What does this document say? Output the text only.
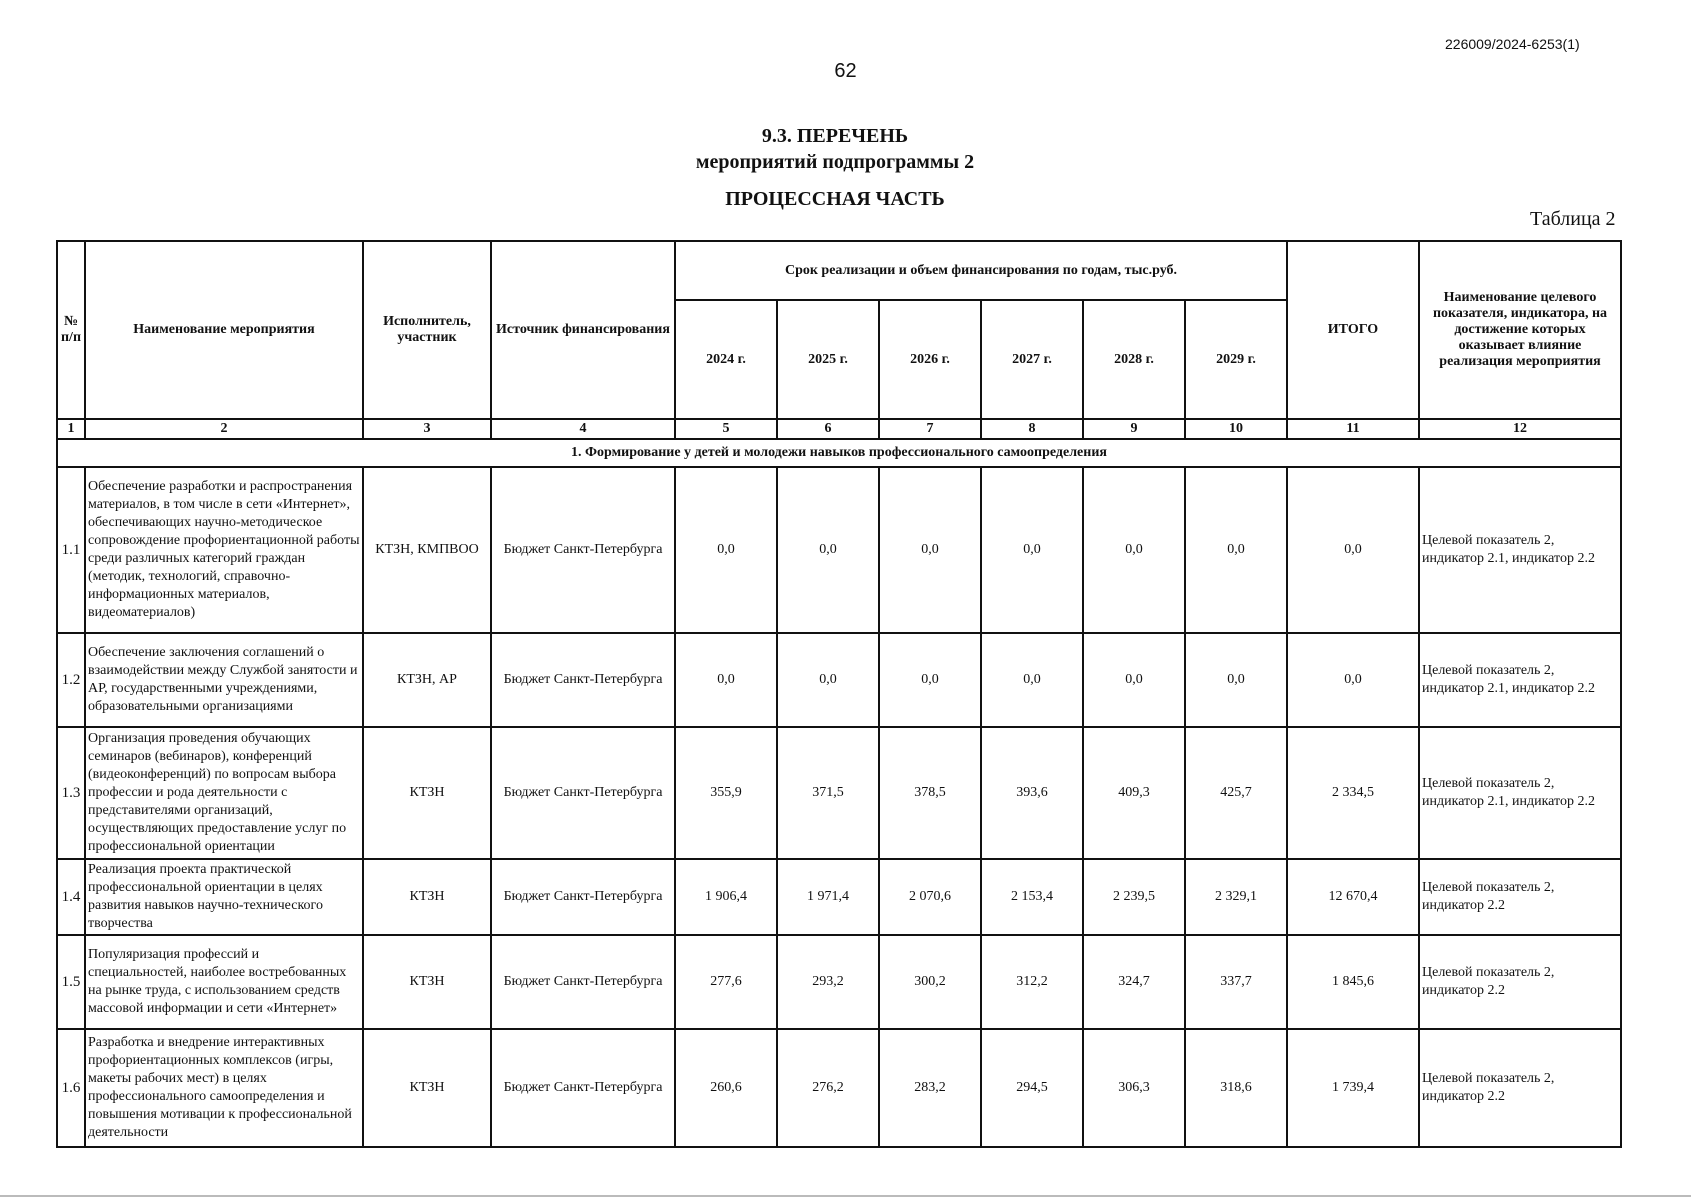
226009/2024-6253(1)
62
9.3. ПЕРЕЧЕНЬ
мероприятий подпрограммы 2
ПРОЦЕССНАЯ ЧАСТЬ
Таблица 2
№ п/п	Наименование мероприятия	Исполнитель, участник	Источник финансирования	Срок реализации и объем финансирования по годам, тыс.руб.						ИТОГО	Наименование целевого показателя, индикатора, на достижение которых оказывает влияние реализация мероприятия
				2024 г.	2025 г.	2026 г.	2027 г.	2028 г.	2029 г.		
1	2	3	4	5	6	7	8	9	10	11	12
1. Формирование у детей и молодежи навыков профессионального самоопределения											
1.1	Обеспечение разработки и распространения материалов, в том числе в сети «Интернет», обеспечивающих научно-методическое сопровождение профориентационной работы среди различных категорий граждан (методик, технологий, справочно-информационных материалов, видеоматериалов)	КТЗН, КМПВОО	Бюджет Санкт-Петербурга	0,0	0,0	0,0	0,0	0,0	0,0	0,0	Целевой показатель 2, индикатор 2.1, индикатор 2.2
1.2	Обеспечение заключения соглашений о взаимодействии между Службой занятости и АР, государственными учреждениями, образовательными организациями	КТЗН, АР	Бюджет Санкт-Петербурга	0,0	0,0	0,0	0,0	0,0	0,0	0,0	Целевой показатель 2, индикатор 2.1, индикатор 2.2
1.3	Организация проведения обучающих семинаров (вебинаров), конференций (видеоконференций) по вопросам выбора профессии и рода деятельности с представителями организаций, осуществляющих предоставление услуг по профессиональной ориентации	КТЗН	Бюджет Санкт-Петербурга	355,9	371,5	378,5	393,6	409,3	425,7	2 334,5	Целевой показатель 2, индикатор 2.1, индикатор 2.2
1.4	Реализация проекта практической профессиональной ориентации в целях развития навыков научно-технического творчества	КТЗН	Бюджет Санкт-Петербурга	1 906,4	1 971,4	2 070,6	2 153,4	2 239,5	2 329,1	12 670,4	Целевой показатель 2, индикатор 2.2
1.5	Популяризация профессий и специальностей, наиболее востребованных на рынке труда, с использованием средств массовой информации и сети «Интернет»	КТЗН	Бюджет Санкт-Петербурга	277,6	293,2	300,2	312,2	324,7	337,7	1 845,6	Целевой показатель 2, индикатор 2.2
1.6	Разработка и внедрение интерактивных профориентационных комплексов (игры, макеты рабочих мест) в целях профессионального самоопределения и повышения мотивации к профессиональной деятельности	КТЗН	Бюджет Санкт-Петербурга	260,6	276,2	283,2	294,5	306,3	318,6	1 739,4	Целевой показатель 2, индикатор 2.2
